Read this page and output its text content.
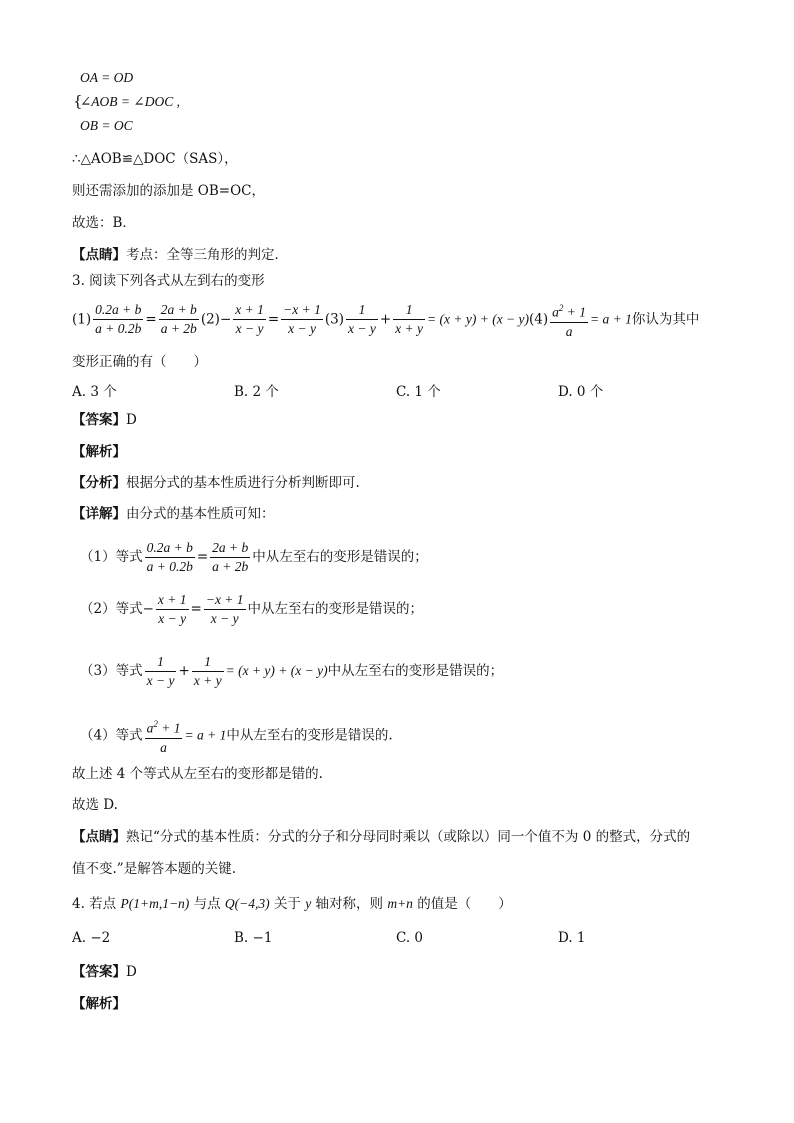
OA = OD
{
∠AOB = ∠DOC ,
OB = OC
∴△AOB≌△DOC（SAS），
则还需添加的添加是 OB=OC，
故选：B．
【点睛】考点：全等三角形的判定．
3. 阅读下列各式从左到右的变形
$(1) \frac{0.2a + b}{a + 0.2b} = \frac{2a + b}{a + 2b} (2)- \frac{x + 1}{x - y} = \frac{-x + 1}{x - y} (3) \frac{1}{x - y} + \frac{1}{x + y} = (x + y) + (x - y)(4) \frac{a^2 + 1}{a} = a + 1$你认为其中
变形正确的有（　　）
A. 3 个	B. 2 个	C. 1 个	D. 0 个
【答案】D
【解析】
【分析】根据分式的基本性质进行分析判断即可.
【详解】由分式的基本性质可知：
（1）等式 $\frac{0.2a + b}{a + 0.2b} = \frac{2a + b}{a + 2b}$ 中从左至右的变形是错误的；
（2）等式− $\frac{x + 1}{x - y} = \frac{-x + 1}{x - y}$ 中从左至右的变形是错误的；
（3）等式 $\frac{1}{x - y} + \frac{1}{x + y} = (x + y) + (x - y)$中从左至右的变形是错误的；
（4）等式 $\frac{a^2 + 1}{a} = a + 1$中从左至右的变形是错误的.
故上述 4 个等式从左至右的变形都是错的.
故选 D.
【点睛】熟记“分式的基本性质：分式的分子和分母同时乘以（或除以）同一个值不为 0 的整式，分式的
值不变.”是解答本题的关键.
4. 若点 P(1+m,1−n) 与点 Q(−4,3) 关于 y 轴对称，则 m+n 的值是（　　）
A. −2	B. −1	C. 0	D. 1
【答案】D
【解析】
